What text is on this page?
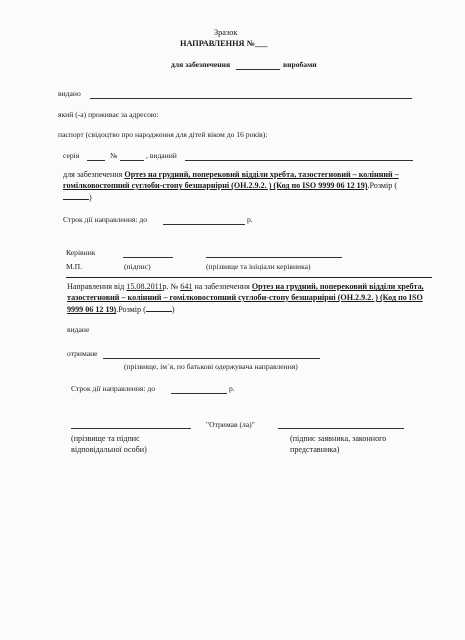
Зразок
НАПРАВЛЕННЯ №___
для забезпечення	виробами
видано
який (-а) проживає за адресою:
паспорт (свідоцтво про народження для дітей віком до 16 років):
серія	№	, виданий
для забезпечення Ортез на грудний, поперековий відділи хребта, тазостегновий – колінний – гомілковостопний суглоби-стопу безшарнірні (ОН.2.9.2. ) (Код по ISO 9999 06 12 19).Розмір ()
Строк дії направлення: до	р.
Керівник
М.П.	(підпис)	(прізвище та ініціали керівника)
Направлення від 15.08.2011р. № 641 на забезпечення Ортез на грудний, поперековий відділи хребта, тазостегновий – колінний – гомілковостопний суглоби-стопу безшарнірні (ОН.2.9.2. ) (Код по ISO 9999 06 12 19).Розмір (	)
видане
отримане
(прізвище, ім`я, по батькові одержувача направлення)
Строк дії направлення: до	р.
"Отримав (ла)"
(прізвище та підпис відповідальної особи)
(підпис заявника, законного представника)
